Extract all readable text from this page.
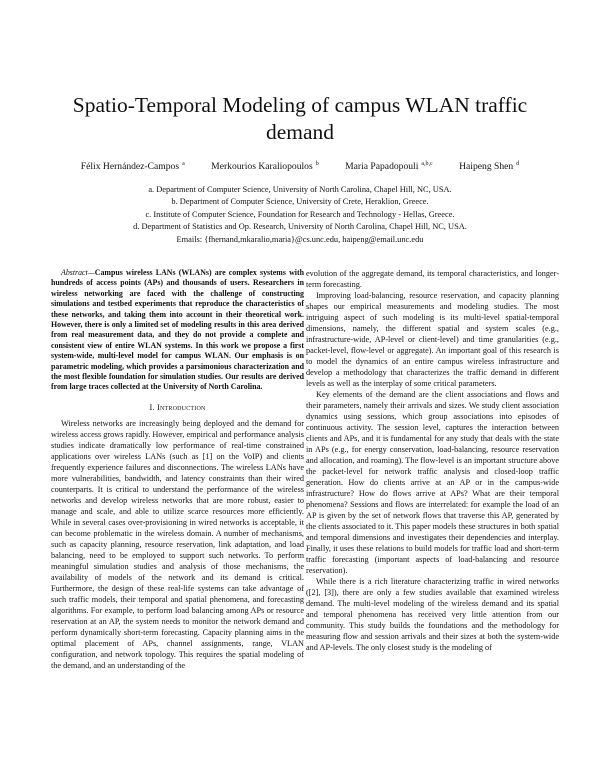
Spatio-Temporal Modeling of campus WLAN traffic demand
Félix Hernández-Campos $^a$	Merkourios Karaliopoulos $^b$	Maria Papadopouli $^{a,b,c}$	Haipeng Shen $^d$
a. Department of Computer Science, University of North Carolina, Chapel Hill, NC, USA.
b. Department of Computer Science, University of Crete, Heraklion, Greece.
c. Institute of Computer Science, Foundation for Research and Technology - Hellas, Greece.
d. Department of Statistics and Op. Research, University of North Carolina, Chapel Hill, NC, USA.
Emails: {fhernand,mkaralio,maria}@cs.unc.edu, haipeng@email.unc.edu

Abstract—Campus wireless LANs (WLANs) are complex systems with hundreds of access points (APs) and thousands of users. Researchers in wireless networking are faced with the challenge of constructing simulations and testbed experiments that reproduce the characteristics of these networks, and taking them into account in their theoretical work. However, there is only a limited set of modeling results in this area derived from real measurement data, and they do not provide a complete and consistent view of entire WLAN systems. In this work we propose a first system-wide, multi-level model for campus WLAN. Our emphasis is on parametric modeling, which provides a parsimonious characterization and the most flexible foundation for simulation studies. Our results are derived from large traces collected at the University of North Carolina.

I. Introduction

Wireless networks are increasingly being deployed and the demand for wireless access grows rapidly. However, empirical and performance analysis studies indicate dramatically low performance of real-time constrained applications over wireless LANs (such as [1] on the VoIP) and clients frequently experience failures and disconnections. The wireless LANs have more vulnerabilities, bandwidth, and latency constraints than their wired counterparts. It is critical to understand the performance of the wireless networks and develop wireless networks that are more robust, easier to manage and scale, and able to utilize scarce resources more efficiently. While in several cases over-provisioning in wired networks is acceptable, it can become problematic in the wireless domain. A number of mechanisms, such as capacity planning, resource reservation, link adaptation, and load balancing, need to be employed to support such networks. To perform meaningful simulation studies and analysis of those mechanisms, the availability of models of the network and its demand is critical. Furthermore, the design of these real-life systems can take advantage of such traffic models, their temporal and spatial phenomena, and forecasting algorithms. For example, to perform load balancing among APs or resource reservation at an AP, the system needs to monitor the network demand and perform dynamically short-term forecasting. Capacity planning aims in the optimal placement of APs, channel assignments, range, VLAN configuration, and network topology. This requires the spatial modeling of the demand, and an understanding of the

evolution of the aggregate demand, its temporal characteristics, and longer-term forecasting.

Improving load-balancing, resource reservation, and capacity planning shapes our empirical measurements and modeling studies. The most intriguing aspect of such modeling is its multi-level spatial-temporal dimensions, namely, the different spatial and system scales (e.g., infrastructure-wide, AP-level or client-level) and time granularities (e.g., packet-level, flow-level or aggregate). An important goal of this research is to model the dynamics of an entire campus wireless infrastructure and develop a methodology that characterizes the traffic demand in different levels as well as the interplay of some critical parameters.

Key elements of the demand are the client associations and flows and their parameters, namely their arrivals and sizes. We study client association dynamics using sessions, which group associations into episodes of continuous activity. The session level, captures the interaction between clients and APs, and it is fundamental for any study that deals with the state in APs (e.g., for energy conservation, load-balancing, resource reservation and allocation, and roaming). The flow-level is an important structure above the packet-level for network traffic analysis and closed-loop traffic generation. How do clients arrive at an AP or in the campus-wide infrastructure? How do flows arrive at APs? What are their temporal phenomena? Sessions and flows are interrelated: for example the load of an AP is given by the set of network flows that traverse this AP, generated by the clients associated to it. This paper models these structures in both spatial and temporal dimensions and investigates their dependencies and interplay. Finally, it uses these relations to build models for traffic load and short-term traffic forecasting (important aspects of load-balancing and resource reservation).

While there is a rich literature characterizing traffic in wired networks ([2], [3]), there are only a few studies available that examined wireless demand. The multi-level modeling of the wireless demand and its spatial and temporal phenomena has received very little attention from our community. This study builds the foundations and the methodology for measuring flow and session arrivals and their sizes at both the system-wide and AP-levels. The only closest study is the modeling of
